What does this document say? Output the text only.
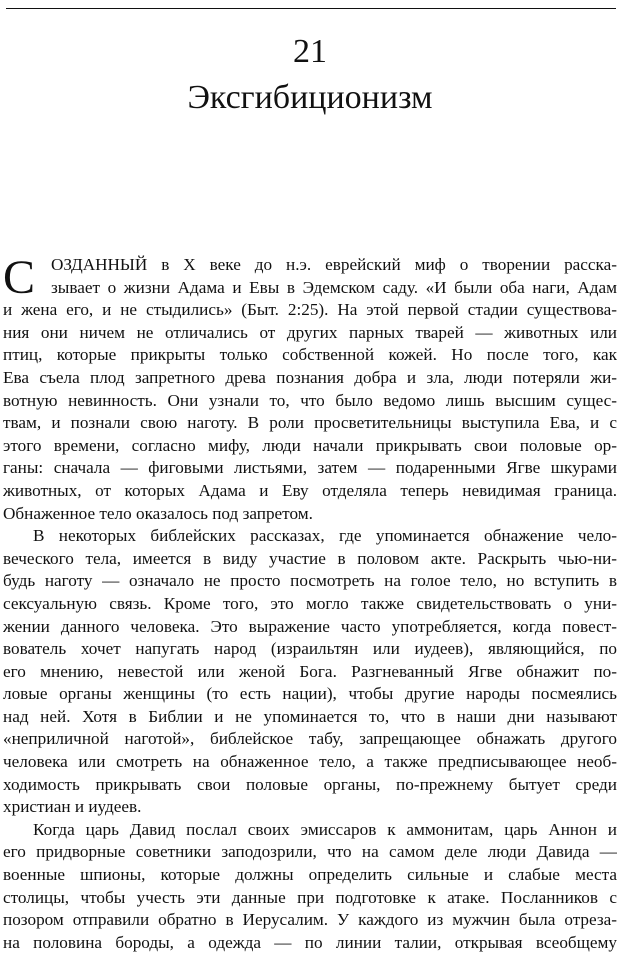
21
Эксгибиционизм
С ОЗДАННЫЙ в X веке до н.э. еврейский миф о творении расска-
зывает о жизни Адама и Евы в Эдемском саду. «И были оба наги, Адам
и жена его, и не стыдились» (Быт. 2:25). На этой первой стадии существова-
ния они ничем не отличались от других парных тварей — животных или
птиц, которые прикрыты только собственной кожей. Но после того, как
Ева съела плод запретного древа познания добра и зла, люди потеряли жи-
вотную невинность. Они узнали то, что было ведомо лишь высшим сущес-
твам, и познали свою наготу. В роли просветительницы выступила Ева, и с
этого времени, согласно мифу, люди начали прикрывать свои половые ор-
ганы: сначала — фиговыми листьями, затем — подаренными Ягве шкурами
животных, от которых Адама и Еву отделяла теперь невидимая граница.
Обнаженное тело оказалось под запретом.
В некоторых библейских рассказах, где упоминается обнажение чело-
веческого тела, имеется в виду участие в половом акте. Раскрыть чью-ни-
будь наготу — означало не просто посмотреть на голое тело, но вступить в
сексуальную связь. Кроме того, это могло также свидетельствовать о уни-
жении данного человека. Это выражение часто употребляется, когда повест-
вователь хочет напугать народ (израильтян или иудеев), являющийся, по
его мнению, невестой или женой Бога. Разгневанный Ягве обнажит по-
ловые органы женщины (то есть нации), чтобы другие народы посмеялись
над ней. Хотя в Библии и не упоминается то, что в наши дни называют
«неприличной наготой», библейское табу, запрещающее обнажать другого
человека или смотреть на обнаженное тело, а также предписывающее необ-
ходимость прикрывать свои половые органы, по-прежнему бытует среди
христиан и иудеев.
Когда царь Давид послал своих эмиссаров к аммонитам, царь Аннон и
его придворные советники заподозрили, что на самом деле люди Давида —
военные шпионы, которые должны определить сильные и слабые места
столицы, чтобы учесть эти данные при подготовке к атаке. Посланников с
позором отправили обратно в Иерусалим. У каждого из мужчин была отреза-
на половина бороды, а одежда — по линии талии, открывая всеобщему
